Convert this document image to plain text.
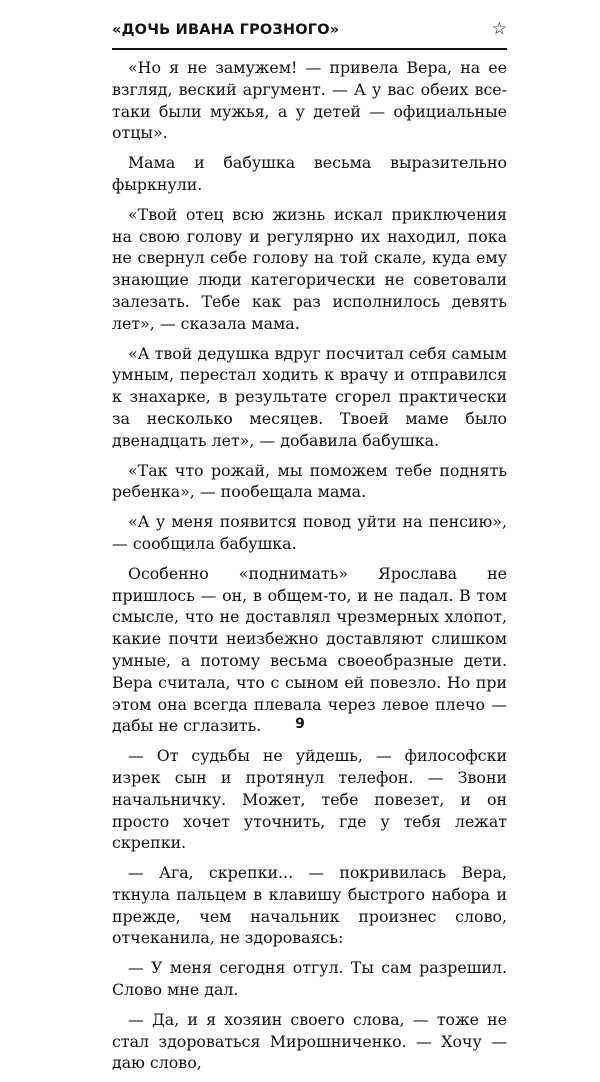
«ДОЧЬ ИВАНА ГРОЗНОГО»	☆

«Но я не замужем! — привела Вера, на ее взгляд, веский аргумент. — А у вас обеих все-таки были мужья, а у детей — официальные отцы».

Мама и бабушка весьма выразительно фыркнули.

«Твой отец всю жизнь искал приключения на свою голову и регулярно их находил, пока не свернул себе голову на той скале, куда ему знающие люди категорически не советовали залезать. Тебе как раз исполнилось девять лет», — сказала мама.

«А твой дедушка вдруг посчитал себя самым умным, перестал ходить к врачу и отправился к знахарке, в результате сгорел практически за несколько месяцев. Твоей маме было двенадцать лет», — добавила бабушка.

«Так что рожай, мы поможем тебе поднять ребенка», — пообещала мама.

«А у меня появится повод уйти на пенсию», — сообщила бабушка.

Особенно «поднимать» Ярослава не пришлось — он, в общем-то, и не падал. В том смысле, что не доставлял чрезмерных хлопот, какие почти неизбежно доставляют слишком умные, а потому весьма своеобразные дети. Вера считала, что с сыном ей повезло. Но при этом она всегда плевала через левое плечо — дабы не сглазить.

— От судьбы не уйдешь, — философски изрек сын и протянул телефон. — Звони начальничку. Может, тебе повезет, и он просто хочет уточнить, где у тебя лежат скрепки.

— Ага, скрепки... — покривилась Вера, ткнула пальцем в клавишу быстрого набора и прежде, чем начальник произнес слово, отчеканила, не здороваясь:

— У меня сегодня отгул. Ты сам разрешил. Слово мне дал.

— Да, и я хозяин своего слова, — тоже не стал здороваться Мирошниченко. — Хочу — даю слово,

9
